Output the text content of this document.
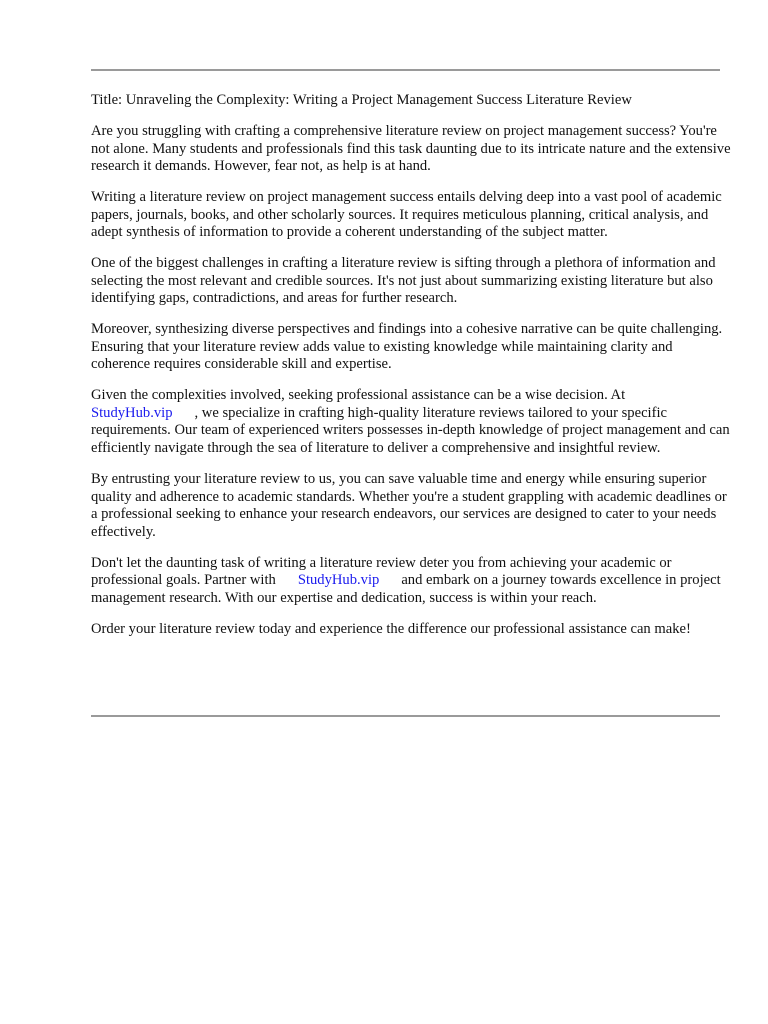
Title: Unraveling the Complexity: Writing a Project Management Success Literature Review

Are you struggling with crafting a comprehensive literature review on project management success? You're not alone. Many students and professionals find this task daunting due to its intricate nature and the extensive research it demands. However, fear not, as help is at hand.

Writing a literature review on project management success entails delving deep into a vast pool of academic papers, journals, books, and other scholarly sources. It requires meticulous planning, critical analysis, and adept synthesis of information to provide a coherent understanding of the subject matter.

One of the biggest challenges in crafting a literature review is sifting through a plethora of information and selecting the most relevant and credible sources. It's not just about summarizing existing literature but also identifying gaps, contradictions, and areas for further research.

Moreover, synthesizing diverse perspectives and findings into a cohesive narrative can be quite challenging. Ensuring that your literature review adds value to existing knowledge while maintaining clarity and coherence requires considerable skill and expertise.

Given the complexities involved, seeking professional assistance can be a wise decision. At
StudyHub.vip , we specialize in crafting high-quality literature reviews tailored to your specific requirements. Our team of experienced writers possesses in-depth knowledge of project management and can efficiently navigate through the sea of literature to deliver a comprehensive and insightful review.

By entrusting your literature review to us, you can save valuable time and energy while ensuring superior quality and adherence to academic standards. Whether you're a student grappling with academic deadlines or a professional seeking to enhance your research endeavors, our services are designed to cater to your needs effectively.

Don't let the daunting task of writing a literature review deter you from achieving your academic or professional goals. Partner with StudyHub.vip and embark on a journey towards excellence in project management research. With our expertise and dedication, success is within your reach.

Order your literature review today and experience the difference our professional assistance can make!
